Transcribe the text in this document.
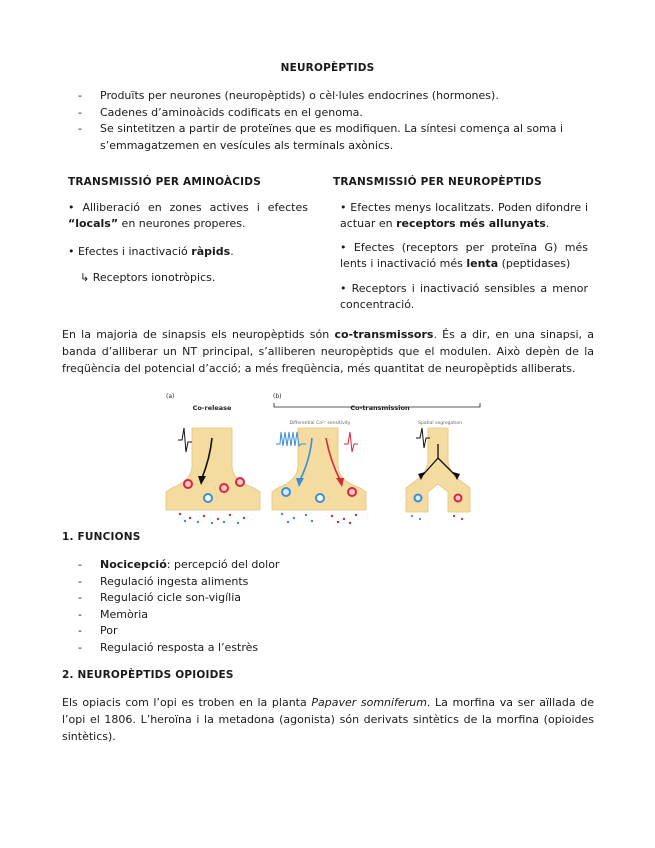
NEUROPÈPTIDS
- Produïts per neurones (neuropèptids) o cèl·lules endocrines (hormones).
- Cadenes d’aminoàcids codificats en el genoma.
- Se sintetitzen a partir de proteïnes que es modifiquen. La síntesi comença al soma i s’emmagatzemen en vesícules als terminals axònics.
TRANSMISSIÓ PER AMINOÀCIDS
• Alliberació en zones actives i efectes “locals” en neurones properes.
• Efectes i inactivació ràpids.
↳ Receptors ionotròpics.
TRANSMISSIÓ PER NEUROPÈPTIDS
• Efectes menys localitzats. Poden difondre i actuar en receptors més allunyats.
• Efectes (receptors per proteïna G) més lents i inactivació més lenta (peptidases)
• Receptors i inactivació sensibles a menor concentració.
En la majoria de sinapsis els neuropèptids són co-transmissors. És a dir, en una sinapsi, a banda d’alliberar un NT principal, s’alliberen neuropèptids que el modulen. Això depèn de la freqüència del potencial d’acció; a més freqüència, més quantitat de neuropèptids alliberats.
(a)	(b)
Co-release	Co-transmission
Differential Ca²⁺ sensitivity	Spatial segregation
1. FUNCIONS
- Nocicepció: percepció del dolor
- Regulació ingesta aliments
- Regulació cicle son-vigília
- Memòria
- Por
- Regulació resposta a l’estrès
2. NEUROPÈPTIDS OPIOIDES
Els opiacis com l’opi es troben en la planta Papaver somniferum. La morfina va ser aïllada de l’opi el 1806. L’heroïna i la metadona (agonista) són derivats sintètics de la morfina (opioides sintètics).
